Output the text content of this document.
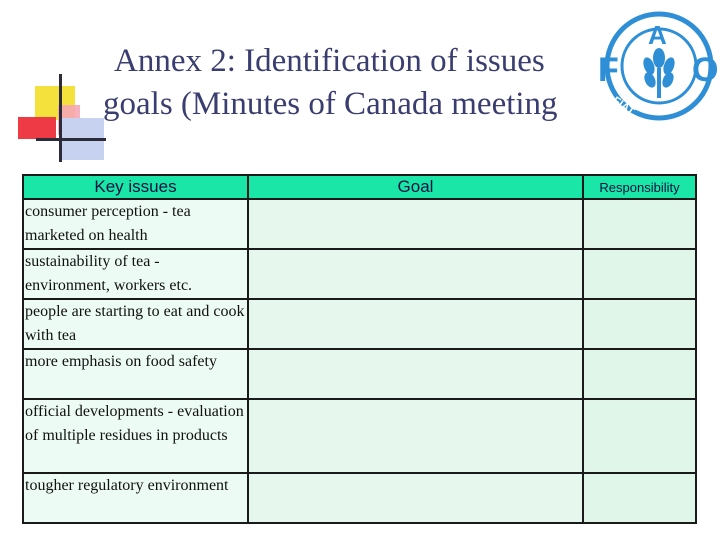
Annex 2: Identification of issues
goals (Minutes of Canada meeting
F
A
O
FIAT	PANIS
Key issues	Goal	Responsibility
consumer perception - tea marketed on health		
sustainability of tea - environment, workers etc.		
people are starting to eat and cook with tea		
more emphasis on food safety		
official developments - evaluation of multiple residues in products		
tougher regulatory environment		
